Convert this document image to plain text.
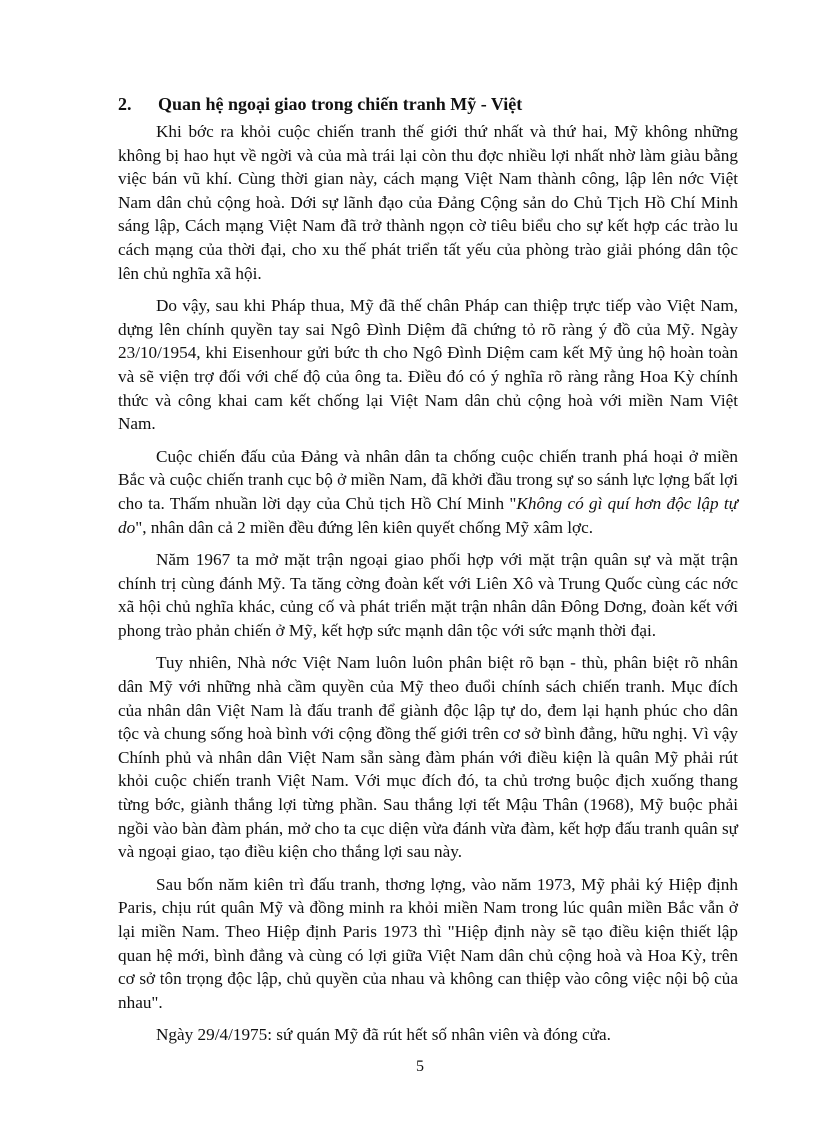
2. Quan hệ ngoại giao trong chiến tranh Mỹ - Việt

Khi bớc ra khỏi cuộc chiến tranh thế giới thứ nhất và thứ hai, Mỹ không những không bị hao hụt về ngời và của mà trái lại còn thu đợc nhiều lợi nhất nhờ làm giàu bằng việc bán vũ khí. Cùng thời gian này, cách mạng Việt Nam thành công, lập lên nớc Việt Nam dân chủ cộng hoà. Dới sự lãnh đạo của Đảng Cộng sản do Chủ Tịch Hồ Chí Minh sáng lập, Cách mạng Việt Nam đã trở thành ngọn cờ tiêu biểu cho sự kết hợp các trào lu cách mạng của thời đại, cho xu thế phát triển tất yếu của phòng trào giải phóng dân tộc lên chủ nghĩa xã hội.

Do vậy, sau khi Pháp thua, Mỹ đã thế chân Pháp can thiệp trực tiếp vào Việt Nam, dựng lên chính quyền tay sai Ngô Đình Diệm đã chứng tỏ rõ ràng ý đồ của Mỹ. Ngày 23/10/1954, khi Eisenhour gửi bức th cho Ngô Đình Diệm cam kết Mỹ ủng hộ hoàn toàn và sẽ viện trợ đối với chế độ của ông ta. Điều đó có ý nghĩa rõ ràng rằng Hoa Kỳ chính thức và công khai cam kết chống lại Việt Nam dân chủ cộng hoà với miền Nam Việt Nam.

Cuộc chiến đấu của Đảng và nhân dân ta chống cuộc chiến tranh phá hoại ở miền Bắc và cuộc chiến tranh cục bộ ở miền Nam, đã khởi đầu trong sự so sánh lực lợng bất lợi cho ta. Thấm nhuần lời dạy của Chủ tịch Hồ Chí Minh "Không có gì quí hơn độc lập tự do", nhân dân cả 2 miền đều đứng lên kiên quyết chống Mỹ xâm lợc.

Năm 1967 ta mở mặt trận ngoại giao phối hợp với mặt trận quân sự và mặt trận chính trị cùng đánh Mỹ. Ta tăng cờng đoàn kết với Liên Xô và Trung Quốc cùng các nớc xã hội chủ nghĩa khác, củng cố và phát triển mặt trận nhân dân Đông Dơng, đoàn kết với phong trào phản chiến ở Mỹ, kết hợp sức mạnh dân tộc với sức mạnh thời đại.

Tuy nhiên, Nhà nớc Việt Nam luôn luôn phân biệt rõ bạn - thù, phân biệt rõ nhân dân Mỹ với những nhà cầm quyền của Mỹ theo đuổi chính sách chiến tranh. Mục đích của nhân dân Việt Nam là đấu tranh để giành độc lập tự do, đem lại hạnh phúc cho dân tộc và chung sống hoà bình với cộng đồng thế giới trên cơ sở bình đẳng, hữu nghị. Vì vậy Chính phủ và nhân dân Việt Nam sẵn sàng đàm phán với điều kiện là quân Mỹ phải rút khỏi cuộc chiến tranh Việt Nam. Với mục đích đó, ta chủ trơng buộc địch xuống thang từng bớc, giành thắng lợi từng phần. Sau thắng lợi tết Mậu Thân (1968), Mỹ buộc phải ngồi vào bàn đàm phán, mở cho ta cục diện vừa đánh vừa đàm, kết hợp đấu tranh quân sự và ngoại giao, tạo điều kiện cho thắng lợi sau này.

Sau bốn năm kiên trì đấu tranh, thơng lợng, vào năm 1973, Mỹ phải ký Hiệp định Paris, chịu rút quân Mỹ và đồng minh ra khỏi miền Nam trong lúc quân miền Bắc vẫn ở lại miền Nam. Theo Hiệp định Paris 1973 thì "Hiệp định này sẽ tạo điều kiện thiết lập quan hệ mới, bình đẳng và cùng có lợi giữa Việt Nam dân chủ cộng hoà và Hoa Kỳ, trên cơ sở tôn trọng độc lập, chủ quyền của nhau và không can thiệp vào công việc nội bộ của nhau".

Ngày 29/4/1975: sứ quán Mỹ đã rút hết số nhân viên và đóng cửa.

5
